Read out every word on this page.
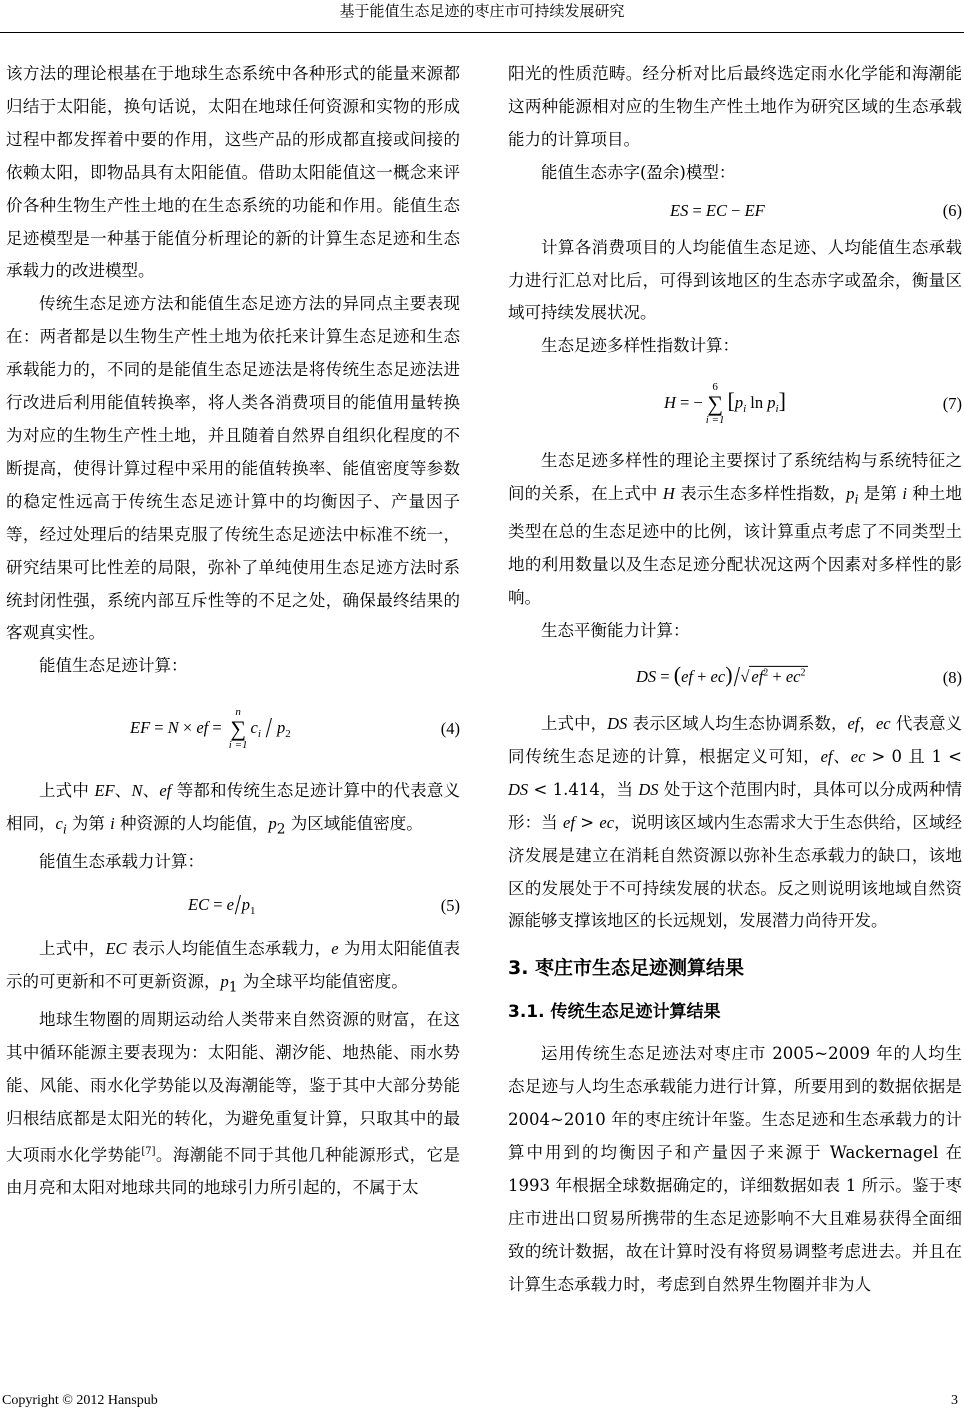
基于能值生态足迹的枣庄市可持续发展研究

该方法的理论根基在于地球生态系统中各种形式的能量来源都归结于太阳能，换句话说，太阳在地球任何资源和实物的形成过程中都发挥着中要的作用，这些产品的形成都直接或间接的依赖太阳，即物品具有太阳能值。借助太阳能值这一概念来评价各种生物生产性土地的在生态系统的功能和作用。能值生态足迹模型是一种基于能值分析理论的新的计算生态足迹和生态承载力的改进模型。

传统生态足迹方法和能值生态足迹方法的异同点主要表现在：两者都是以生物生产性土地为依托来计算生态足迹和生态承载能力的，不同的是能值生态足迹法是将传统生态足迹法进行改进后利用能值转换率，将人类各消费项目的能值用量转换为对应的生物生产性土地，并且随着自然界自组织化程度的不断提高，使得计算过程中采用的能值转换率、能值密度等参数的稳定性远高于传统生态足迹计算中的均衡因子、产量因子等，经过处理后的结果克服了传统生态足迹法中标准不统一，研究结果可比性差的局限，弥补了单纯使用生态足迹方法时系统封闭性强，系统内部互斥性等的不足之处，确保最终结果的客观真实性。

能值生态足迹计算：

EF = N × ef =
n
∑
i =1
$c_i / p_2$	(4)

上式中 EF、N、ef 等都和传统生态足迹计算中的代表意义相同，$c_i$ 为第 i 种资源的人均能值，$p_2$ 为区域能值密度。

能值生态承载力计算：

EC = $e/p_1$	(5)

上式中，EC 表示人均能值生态承载力，e 为用太阳能值表示的可更新和不可更新资源，$p_1$ 为全球平均能值密度。

地球生物圈的周期运动给人类带来自然资源的财富，在这其中循环能源主要表现为：太阳能、潮汐能、地热能、雨水势能、风能、雨水化学势能以及海潮能等，鉴于其中大部分势能归根结底都是太阳光的转化，为避免重复计算，只取其中的最大项雨水化学势能[7]。海潮能不同于其他几种能源形式，它是由月亮和太阳对地球共同的地球引力所引起的，不属于太

阳光的性质范畴。经分析对比后最终选定雨水化学能和海潮能这两种能源相对应的生物生产性土地作为研究区域的生态承载能力的计算项目。

能值生态赤字(盈余)模型：

ES = EC − EF	(6)

计算各消费项目的人均能值生态足迹、人均能值生态承载力进行汇总对比后，可得到该地区的生态赤字或盈余，衡量区域可持续发展状况。

生态足迹多样性指数计算：

H = −
6
∑
i =1
[$p_i$ $\ln p_i$]	(7)

生态足迹多样性的理论主要探讨了系统结构与系统特征之间的关系，在上式中 H 表示生态多样性指数，$p_i$ 是第 i 种土地类型在总的生态足迹中的比例，该计算重点考虑了不同类型土地的利用数量以及生态足迹分配状况这两个因素对多样性的影响。

生态平衡能力计算：

DS = (ef + ec)/√ $ef^2 + ec^2$	(8)

上式中，DS 表示区域人均生态协调系数，ef，ec 代表意义同传统生态足迹的计算，根据定义可知，ef、ec > 0 且 1 < DS < 1.414，当 DS 处于这个范围内时，具体可以分成两种情形：当 ef > ec，说明该区域内生态需求大于生态供给，区域经济发展是建立在消耗自然资源以弥补生态承载力的缺口，该地区的发展处于不可持续发展的状态。反之则说明该地域自然资源能够支撑该地区的长远规划，发展潜力尚待开发。

3. 枣庄市生态足迹测算结果
3.1. 传统生态足迹计算结果

运用传统生态足迹法对枣庄市 2005~2009 年的人均生态足迹与人均生态承载能力进行计算，所要用到的数据依据是 2004~2010 年的枣庄统计年鉴。生态足迹和生态承载力的计算中用到的均衡因子和产量因子来源于 Wackernagel 在 1993 年根据全球数据确定的，详细数据如表 1 所示。鉴于枣庄市进出口贸易所携带的生态足迹影响不大且难易获得全面细致的统计数据，故在计算时没有将贸易调整考虑进去。并且在计算生态承载力时，考虑到自然界生物圈并非为人

Copyright © 2012 Hanspub	3
